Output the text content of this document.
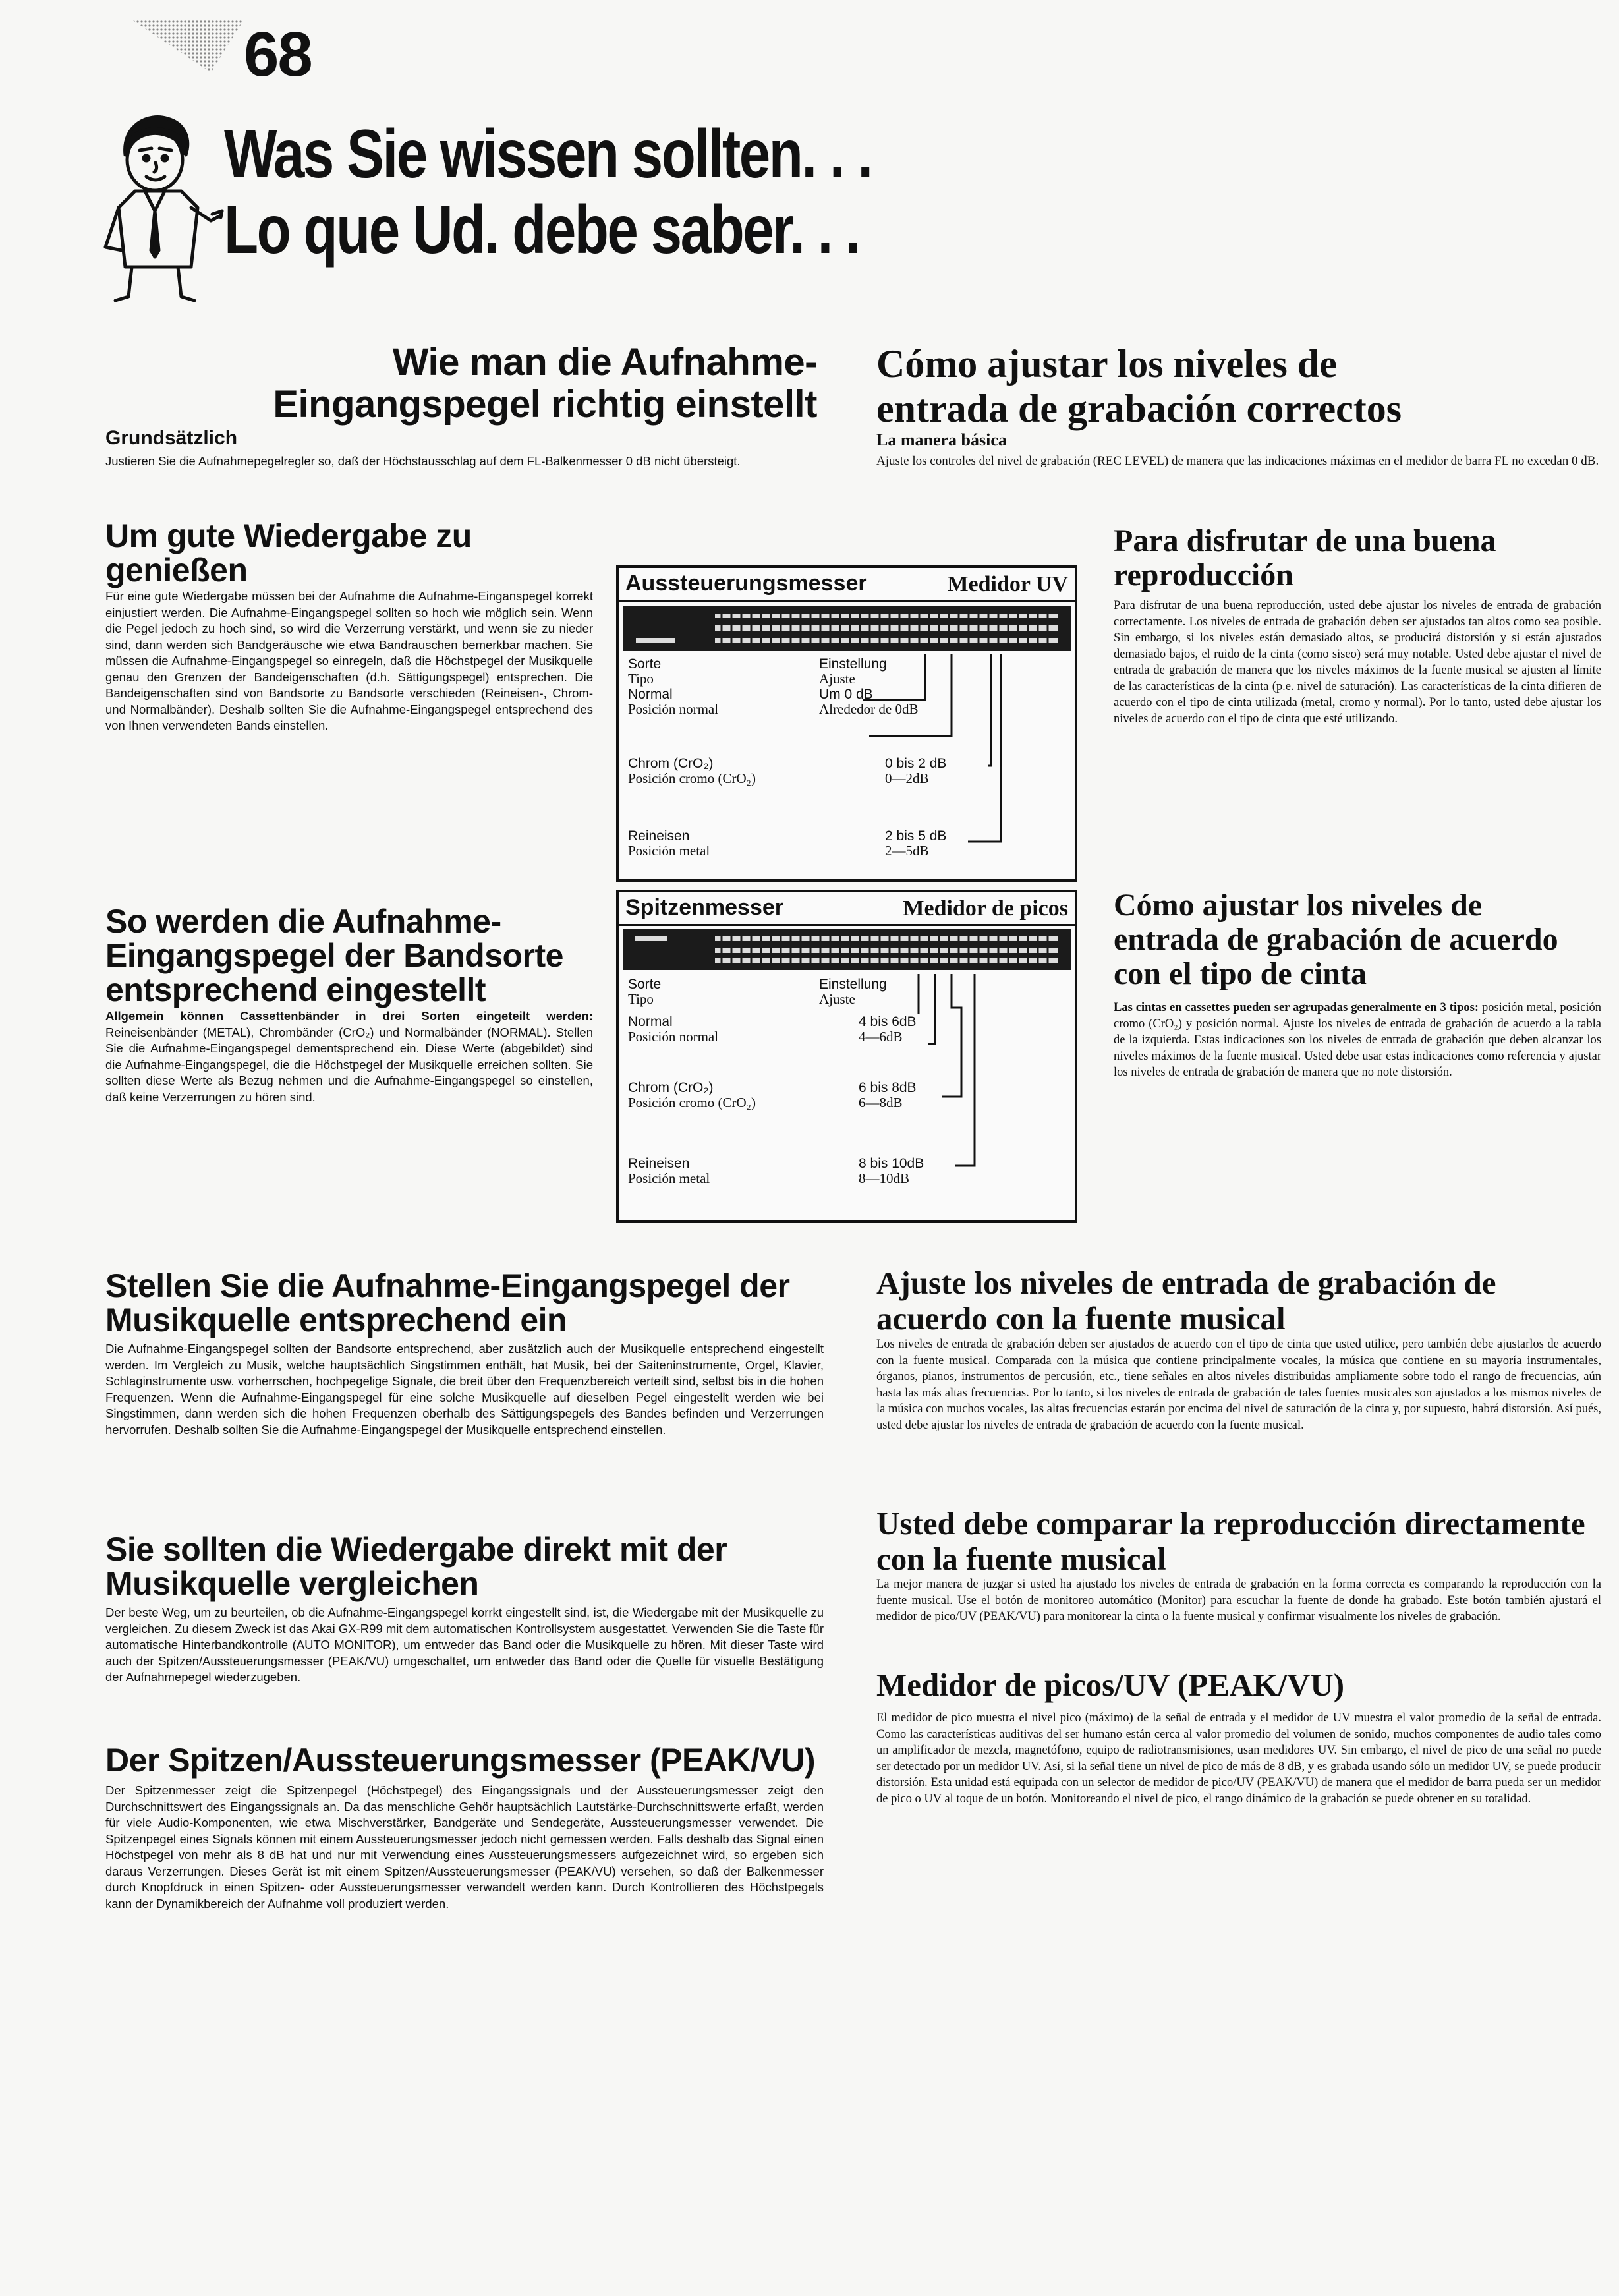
68
Was Sie wissen sollten. . .
Lo que Ud. debe saber. . .
Wie man die Aufnahme-
Eingangspegel richtig einstellt
Grundsätzlich
Justieren Sie die Aufnahmepegelregler so, daß der Höchstausschlag auf dem FL-Balkenmesser 0 dB nicht übersteigt.
Cómo ajustar los niveles de
entrada de grabación correctos
La manera básica
Ajuste los controles del nivel de grabación (REC LEVEL) de manera que las indicaciones máximas en el medidor de barra FL no excedan 0 dB.
Um gute Wiedergabe zu
genießen
Für eine gute Wiedergabe müssen bei der Aufnahme die Aufnahme-Einganspegel korrekt einjustiert werden. Die Aufnahme-Eingangspegel sollten so hoch wie möglich sein. Wenn die Pegel jedoch zu hoch sind, so wird die Verzerrung verstärkt, und wenn sie zu nieder sind, dann werden sich Bandgeräusche wie etwa Bandrauschen bemerkbar machen. Sie müssen die Aufnahme-Eingangspegel so einregeln, daß die Höchstpegel der Musikquelle genau den Grenzen der Bandeigenschaften (d.h. Sättigungspegel) entsprechen. Die Bandeigenschaften sind von Bandsorte zu Bandsorte verschieden (Reineisen-, Chrom- und Normalbänder). Deshalb sollten Sie die Aufnahme-Eingangspegel entsprechend des von Ihnen verwendeten Bands einstellen.
Aussteuerungsmesser	Medidor UV
Sorte
Tipo
Einstellung
Ajuste
Normal
Posición normal
Um 0 dB
Alrededor de 0dB
Chrom (CrO₂)
Posición cromo (CrO₂)
0 bis 2 dB
0—2dB
Reineisen
Posición metal
2 bis 5 dB
2—5dB
Spitzenmesser	Medidor de picos
Sorte
Tipo
Einstellung
Ajuste
Normal
Posición normal
4 bis 6dB
4—6dB
Chrom (CrO₂)
Posición cromo (CrO₂)
6 bis 8dB
6—8dB
Reineisen
Posición metal
8 bis 10dB
8—10dB
Para disfrutar de una buena
reproducción
Para disfrutar de una buena reproducción, usted debe ajustar los niveles de entrada de grabación correctamente. Los niveles de entrada de grabación deben ser ajustados tan altos como sea posible. Sin embargo, si los niveles están demasiado altos, se producirá distorsión y si están ajustados demasiado bajos, el ruido de la cinta (como siseo) será muy notable. Usted debe ajustar el nivel de entrada de grabación de manera que los niveles máximos de la fuente musical se ajusten al límite de las características de la cinta (p.e. nivel de saturación). Las características de la cinta difieren de acuerdo con el tipo de cinta utilizada (metal, cromo y normal). Por lo tanto, usted debe ajustar los niveles de acuerdo con el tipo de cinta que esté utilizando.
So werden die Aufnahme-
Eingangspegel der Bandsorte
entsprechend eingestellt
Allgemein können Cassettenbänder in drei Sorten eingeteilt werden: Reineisenbänder (METAL), Chrombänder (CrO₂) und Normalbänder (NORMAL). Stellen Sie die Aufnahme-Eingangspegel dementsprechend ein. Diese Werte (abgebildet) sind die Aufnahme-Eingangspegel, die die Höchstpegel der Musikquelle erreichen sollten. Sie sollten diese Werte als Bezug nehmen und die Aufnahme-Eingangspegel so einstellen, daß keine Verzerrungen zu hören sind.
Cómo ajustar los niveles de
entrada de grabación de acuerdo
con el tipo de cinta
Las cintas en cassettes pueden ser agrupadas generalmente en 3 tipos: posición metal, posición cromo (CrO₂) y posición normal. Ajuste los niveles de entrada de grabación de acuerdo a la tabla de la izquierda. Estas indicaciones son los niveles de entrada de grabación que deben alcanzar los niveles máximos de la fuente musical. Usted debe usar estas indicaciones como referencia y ajustar los niveles de entrada de grabación de manera que no note distorsión.
Stellen Sie die Aufnahme-Eingangspegel der
Musikquelle entsprechend ein
Die Aufnahme-Eingangspegel sollten der Bandsorte entsprechend, aber zusätzlich auch der Musikquelle entsprechend eingestellt werden. Im Vergleich zu Musik, welche hauptsächlich Singstimmen enthält, hat Musik, bei der Saiteninstrumente, Orgel, Klavier, Schlaginstrumente usw. vorherrschen, hochpegelige Signale, die breit über den Frequenzbereich verteilt sind, selbst bis in die hohen Frequenzen. Wenn die Aufnahme-Eingangspegel für eine solche Musikquelle auf dieselben Pegel eingestellt werden wie bei Singstimmen, dann werden sich die hohen Frequenzen oberhalb des Sättigungspegels des Bandes befinden und Verzerrungen hervorrufen. Deshalb sollten Sie die Aufnahme-Eingangspegel der Musikquelle entsprechend einstellen.
Ajuste los niveles de entrada de grabación de
acuerdo con la fuente musical
Los niveles de entrada de grabación deben ser ajustados de acuerdo con el tipo de cinta que usted utilice, pero también debe ajustarlos de acuerdo con la fuente musical. Comparada con la música que contiene principalmente vocales, la música que contiene en su mayoría instrumentales, órganos, pianos, instrumentos de percusión, etc., tiene señales en altos niveles distribuidas ampliamente sobre todo el rango de frecuencias, aún hasta las más altas frecuencias. Por lo tanto, si los niveles de entrada de grabación de tales fuentes musicales son ajustados a los mismos niveles de la música con muchos vocales, las altas frecuencias estarán por encima del nivel de saturación de la cinta y, por supuesto, habrá distorsión. Así pués, usted debe ajustar los niveles de entrada de grabación de acuerdo con la fuente musical.
Sie sollten die Wiedergabe direkt mit der
Musikquelle vergleichen
Der beste Weg, um zu beurteilen, ob die Aufnahme-Eingangspegel korrkt eingestellt sind, ist, die Wiedergabe mit der Musikquelle zu vergleichen. Zu diesem Zweck ist das Akai GX-R99 mit dem automatischen Kontrollsystem ausgestattet. Verwenden Sie die Taste für automatische Hinterbandkontrolle (AUTO MONITOR), um entweder das Band oder die Musikquelle zu hören. Mit dieser Taste wird auch der Spitzen/Aussteuerungsmesser (PEAK/VU) umgeschaltet, um entweder das Band oder die Quelle für visuelle Bestätigung der Aufnahmepegel wiederzugeben.
Usted debe comparar la reproducción directamente
con la fuente musical
La mejor manera de juzgar si usted ha ajustado los niveles de entrada de grabación en la forma correcta es comparando la reproducción con la fuente musical. Use el botón de monitoreo automático (Monitor) para escuchar la fuente de donde ha grabado. Este botón también ajustará el medidor de pico/UV (PEAK/VU) para monitorear la cinta o la fuente musical y confirmar visualmente los niveles de grabación.
Der Spitzen/Aussteuerungsmesser (PEAK/VU)
Der Spitzenmesser zeigt die Spitzenpegel (Höchstpegel) des Eingangssignals und der Aussteuerungsmesser zeigt den Durchschnittswert des Eingangssignals an. Da das menschliche Gehör hauptsächlich Lautstärke-Durchschnittswerte erfaßt, werden für viele Audio-Komponenten, wie etwa Mischverstärker, Bandgeräte und Sendegeräte, Aussteuerungsmesser verwendet. Die Spitzenpegel eines Signals können mit einem Aussteuerungsmesser jedoch nicht gemessen werden. Falls deshalb das Signal einen Höchstpegel von mehr als 8 dB hat und nur mit Verwendung eines Aussteuerungsmessers aufgezeichnet wird, so ergeben sich daraus Verzerrungen. Dieses Gerät ist mit einem Spitzen/Aussteuerungsmesser (PEAK/VU) versehen, so daß der Balkenmesser durch Knopfdruck in einen Spitzen- oder Aussteuerungsmesser verwandelt werden kann. Durch Kontrollieren des Höchstpegels kann der Dynamikbereich der Aufnahme voll produziert werden.
Medidor de picos/UV (PEAK/VU)
El medidor de pico muestra el nivel pico (máximo) de la señal de entrada y el medidor de UV muestra el valor promedio de la señal de entrada. Como las características auditivas del ser humano están cerca al valor promedio del volumen de sonido, muchos componentes de audio tales como un amplificador de mezcla, magnetófono, equipo de radiotransmisiones, usan medidores UV. Sin embargo, el nivel de pico de una señal no puede ser detectado por un medidor UV. Así, si la señal tiene un nivel de pico de más de 8 dB, y es grabada usando sólo un medidor UV, se puede producir distorsión. Esta unidad está equipada con un selector de medidor de pico/UV (PEAK/VU) de manera que el medidor de barra pueda ser un medidor de pico o UV al toque de un botón. Monitoreando el nivel de pico, el rango dinámico de la grabación se puede obtener en su totalidad.
